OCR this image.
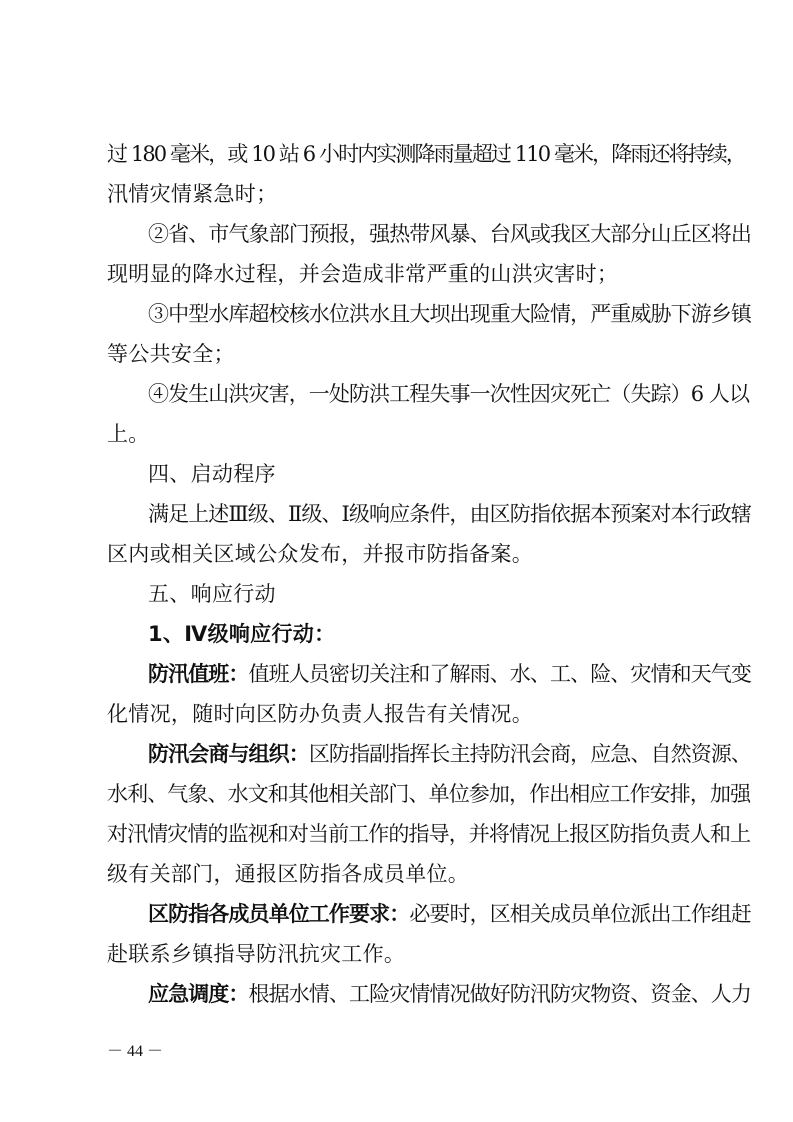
过 180 毫米，或 10 站 6 小时内实测降雨量超过 110 毫米，降雨还将持续，
汛情灾情紧急时；
②省、市气象部门预报，强热带风暴、台风或我区大部分山丘区将出
现明显的降水过程，并会造成非常严重的山洪灾害时；
③中型水库超校核水位洪水且大坝出现重大险情，严重威胁下游乡镇
等公共安全；
④发生山洪灾害，一处防洪工程失事一次性因灾死亡（失踪）6 人以
上。
四、启动程序
满足上述Ⅲ级、Ⅱ级、Ⅰ级响应条件，由区防指依据本预案对本行政辖
区内或相关区域公众发布，并报市防指备案。
五、响应行动
1、Ⅳ级响应行动：
防汛值班：值班人员密切关注和了解雨、水、工、险、灾情和天气变
化情况，随时向区防办负责人报告有关情况。
防汛会商与组织：区防指副指挥长主持防汛会商，应急、自然资源、
水利、气象、水文和其他相关部门、单位参加，作出相应工作安排，加强
对汛情灾情的监视和对当前工作的指导，并将情况上报区防指负责人和上
级有关部门，通报区防指各成员单位。
区防指各成员单位工作要求：必要时，区相关成员单位派出工作组赶
赴联系乡镇指导防汛抗灾工作。
应急调度：根据水情、工险灾情情况做好防汛防灾物资、资金、人力
－ 44 －
